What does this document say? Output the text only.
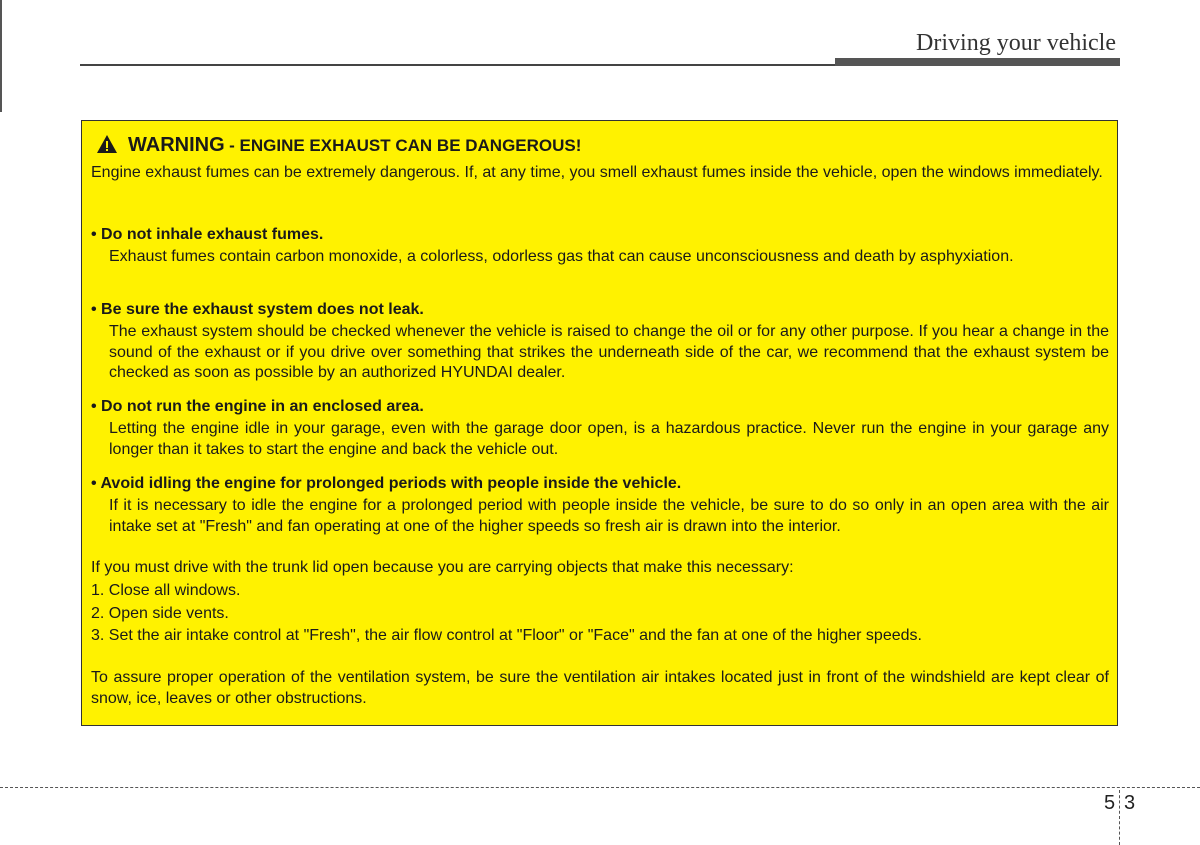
Driving your vehicle
WARNING - ENGINE EXHAUST CAN BE DANGEROUS!
Engine exhaust fumes can be extremely dangerous. If, at any time, you smell exhaust fumes inside the vehicle, open the windows immediately.
• Do not inhale exhaust fumes.
Exhaust fumes contain carbon monoxide, a colorless, odorless gas that can cause unconsciousness and death by asphyxiation.
• Be sure the exhaust system does not leak.
The exhaust system should be checked whenever the vehicle is raised to change the oil or for any other purpose. If you hear a change in the sound of the exhaust or if you drive over something that strikes the underneath side of the car, we recommend that the exhaust system be checked as soon as possible by an authorized HYUNDAI dealer.
• Do not run the engine in an enclosed area.
Letting the engine idle in your garage, even with the garage door open, is a hazardous practice. Never run the engine in your garage any longer than it takes to start the engine and back the vehicle out.
• Avoid idling the engine for prolonged periods with people inside the vehicle.
If it is necessary to idle the engine for a prolonged period with people inside the vehicle, be sure to do so only in an open area with the air intake set at "Fresh" and fan operating at one of the higher speeds so fresh air is drawn into the interior.
If you must drive with the trunk lid open because you are carrying objects that make this necessary:
1. Close all windows.
2. Open side vents.
3. Set the air intake control at "Fresh", the air flow control at "Floor" or "Face" and the fan at one of the higher speeds.
To assure proper operation of the ventilation system, be sure the ventilation air intakes located just in front of the windshield are kept clear of snow, ice, leaves or other obstructions.
5 3
